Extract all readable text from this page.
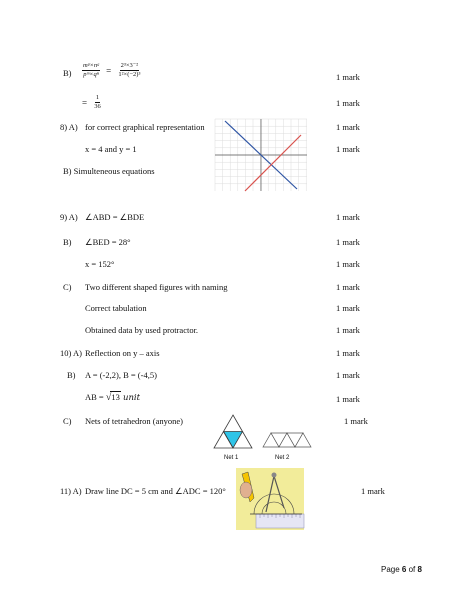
$B) \frac{\text{mᵖ×nᵍ}}{\text{pᵐ×qⁿ}} = \frac{\text{2³×3⁻²}}{\text{1²×(−2)³}}$	1 mark
= $\frac{1}{36}$	1 mark
8) A) for correct graphical representation	1 mark
x = 4 and y = 1	1 mark
B) Simulteneous equations
9) A) ∠ABD = ∠BDE	1 mark
B) ∠BED = 28°	1 mark
x = 152°	1 mark
C) Two different shaped figures with naming	1 mark
Correct tabulation	1 mark
Obtained data by used protractor.	1 mark
10) A) Reflection on y – axis	1 mark
B) A = (-2,2), B = (-4,5)	1 mark
AB = √13 unit	1 mark
C) Nets of tetrahedron (anyone)	1 mark
Net 1	Net 2
11) A) Draw line DC = 5 cm and ∠ADC = 120°	1 mark
Page 6 of 8
